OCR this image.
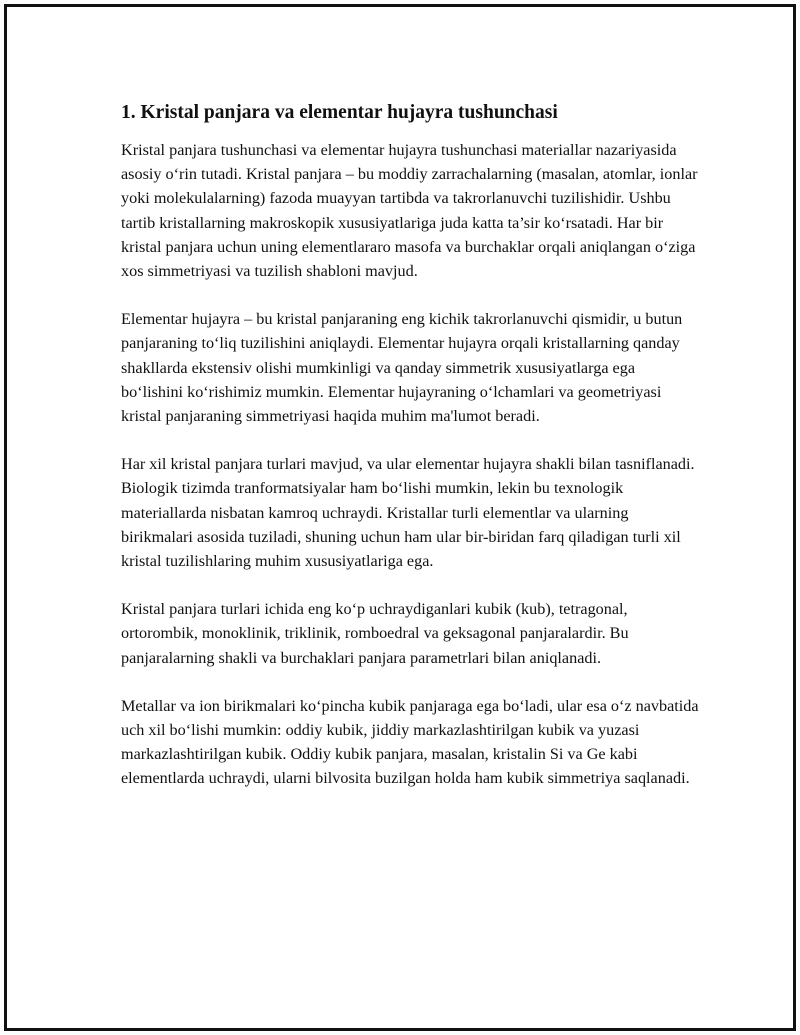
1. Kristal panjara va elementar hujayra tushunchasi

Kristal panjara tushunchasi va elementar hujayra tushunchasi materiallar nazariyasida asosiy oʻrin tutadi. Kristal panjara – bu moddiy zarrachalarning (masalan, atomlar, ionlar yoki molekulalarning) fazoda muayyan tartibda va takrorlanuvchi tuzilishidir. Ushbu tartib kristallarning makroskopik xususiyatlariga juda katta ta’sir koʻrsatadi. Har bir kristal panjara uchun uning elementlararo masofa va burchaklar orqali aniqlangan oʻziga xos simmetriyasi va tuzilish shabloni mavjud.

Elementar hujayra – bu kristal panjaraning eng kichik takrorlanuvchi qismidir, u butun panjaraning toʻliq tuzilishini aniqlaydi. Elementar hujayra orqali kristallarning qanday shakllarda ekstensiv olishi mumkinligi va qanday simmetrik xususiyatlarga ega boʻlishini koʻrishimiz mumkin. Elementar hujayraning oʻlchamlari va geometriyasi kristal panjaraning simmetriyasi haqida muhim ma'lumot beradi.

Har xil kristal panjara turlari mavjud, va ular elementar hujayra shakli bilan tasniflanadi. Biologik tizimda tranformatsiyalar ham boʻlishi mumkin, lekin bu texnologik materiallarda nisbatan kamroq uchraydi. Kristallar turli elementlar va ularning birikmalari asosida tuziladi, shuning uchun ham ular bir-biridan farq qiladigan turli xil kristal tuzilishlaring muhim xususiyatlariga ega.

Kristal panjara turlari ichida eng koʻp uchraydiganlari kubik (kub), tetragonal, ortorombik, monoklinik, triklinik, romboedral va geksagonal panjaralardir. Bu panjaralarning shakli va burchaklari panjara parametrlari bilan aniqlanadi.

Metallar va ion birikmalari koʻpincha kubik panjaraga ega boʻladi, ular esa oʻz navbatida uch xil boʻlishi mumkin: oddiy kubik, jiddiy markazlashtirilgan kubik va yuzasi markazlashtirilgan kubik. Oddiy kubik panjara, masalan, kristalin Si va Ge kabi elementlarda uchraydi, ularni bilvosita buzilgan holda ham kubik simmetriya saqlanadi.
